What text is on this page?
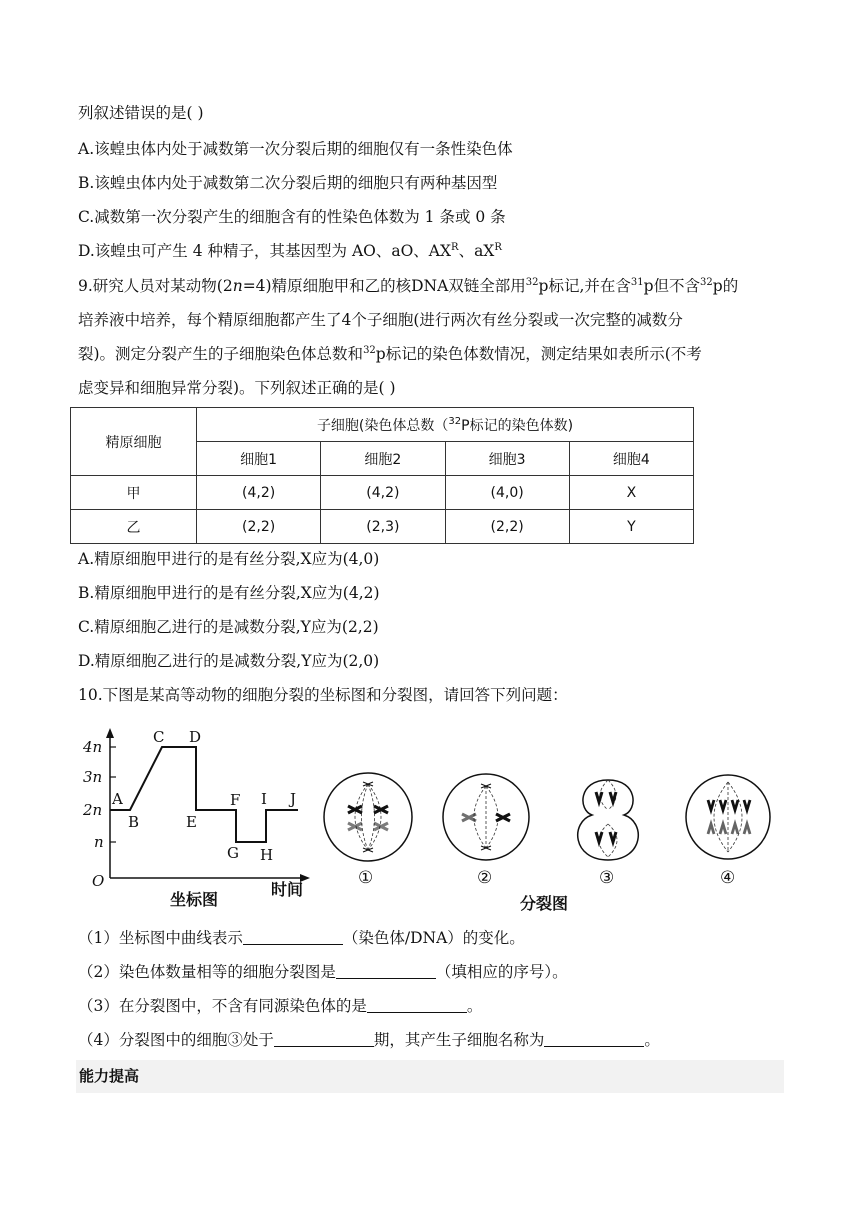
列叙述错误的是( )
A.该蝗虫体内处于减数第一次分裂后期的细胞仅有一条性染色体
B.该蝗虫体内处于减数第二次分裂后期的细胞只有两种基因型
C.减数第一次分裂产生的细胞含有的性染色体数为 1 条或 0 条
D.该蝗虫可产生 4 种精子，其基因型为 AO、aO、$AX^R$、$aX^R$
9.研究人员对某动物(2n=4)精原细胞甲和乙的核DNA双链全部用$^{32}$p标记,并在含$^{31}$p但不含$^{32}$p的
培养液中培养，每个精原细胞都产生了4个子细胞(进行两次有丝分裂或一次完整的减数分
裂)。测定分裂产生的子细胞染色体总数和$^{32}$p标记的染色体数情况，测定结果如表所示(不考
虑变异和细胞异常分裂)。下列叙述正确的是( )
精原细胞	子细胞(染色体总数（$^{32}$P标记的染色体数)			
	细胞1	细胞2	细胞3	细胞4
甲	(4,2)	(4,2)	(4,0)	X
乙	(2,2)	(2,3)	(2,2)	Y
A.精原细胞甲进行的是有丝分裂,X应为(4,0)
B.精原细胞甲进行的是有丝分裂,X应为(4,2)
C.精原细胞乙进行的是减数分裂,Y应为(2,2)
D.精原细胞乙进行的是减数分裂,Y应为(2,0)
10.下图是某高等动物的细胞分裂的坐标图和分裂图，请回答下列问题：
4n
3n
2n
n
O
A
B
C D
E
F
G H
I J
时间
坐标图
①	②	③	④
分裂图
（1）坐标图中曲线表示	（染色体/DNA）的变化。
（2）染色体数量相等的细胞分裂图是	（填相应的序号）。
（3）在分裂图中，不含有同源染色体的是	。
（4）分裂图中的细胞③处于	期，其产生子细胞名称为	。
能力提高
